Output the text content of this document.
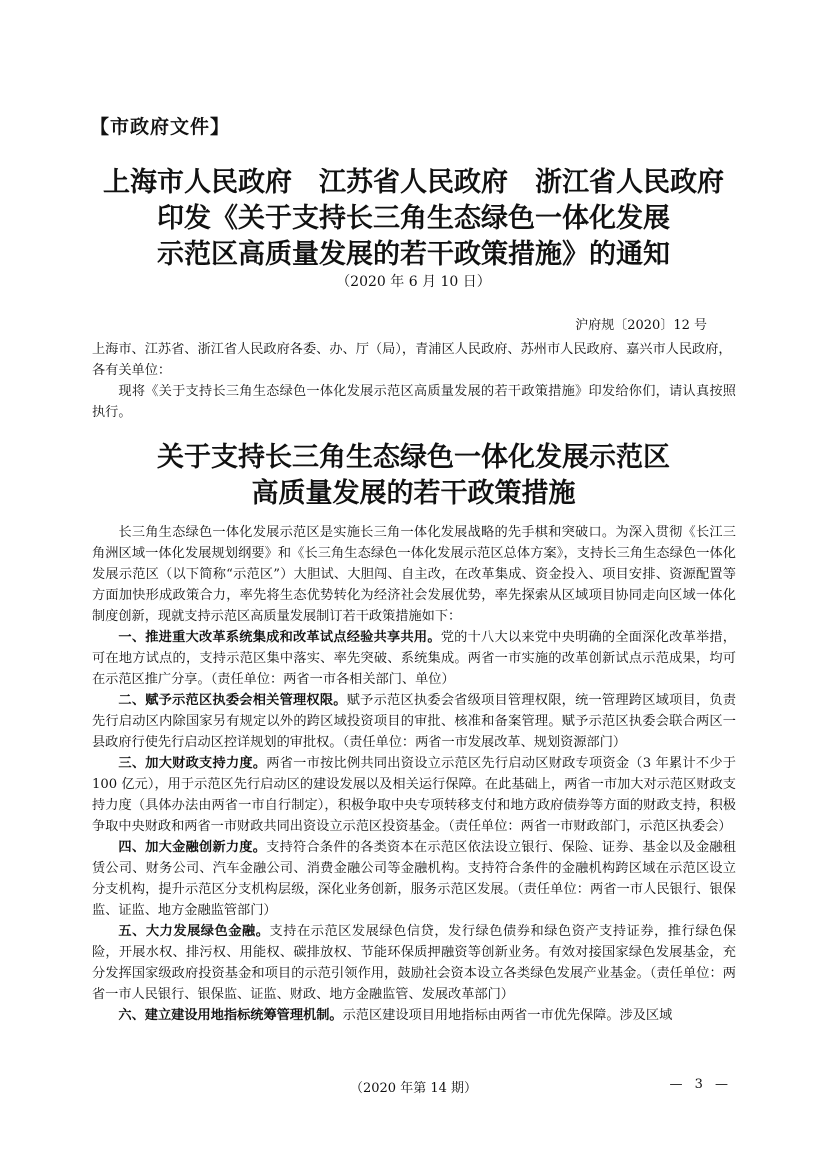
【市政府文件】
上海市人民政府　江苏省人民政府　浙江省人民政府
印发《关于支持长三角生态绿色一体化发展
示范区高质量发展的若干政策措施》的通知
（2020 年 6 月 10 日）
沪府规〔2020〕12 号

上海市、江苏省、浙江省人民政府各委、办、厅（局），青浦区人民政府、苏州市人民政府、嘉兴市人民政府，

各有关单位：

现将《关于支持长三角生态绿色一体化发展示范区高质量发展的若干政策措施》印发给你们，请认真按照执行。

关于支持长三角生态绿色一体化发展示范区
高质量发展的若干政策措施

长三角生态绿色一体化发展示范区是实施长三角一体化发展战略的先手棋和突破口。为深入贯彻《长江三角洲区域一体化发展规划纲要》和《长三角生态绿色一体化发展示范区总体方案》，支持长三角生态绿色一体化发展示范区（以下简称“示范区”）大胆试、大胆闯、自主改，在改革集成、资金投入、项目安排、资源配置等方面加快形成政策合力，率先将生态优势转化为经济社会发展优势，率先探索从区域项目协同走向区域一体化制度创新，现就支持示范区高质量发展制订若干政策措施如下：

一、推进重大改革系统集成和改革试点经验共享共用。党的十八大以来党中央明确的全面深化改革举措，可在地方试点的，支持示范区集中落实、率先突破、系统集成。两省一市实施的改革创新试点示范成果，均可在示范区推广分享。（责任单位：两省一市各相关部门、单位）

二、赋予示范区执委会相关管理权限。赋予示范区执委会省级项目管理权限，统一管理跨区域项目，负责先行启动区内除国家另有规定以外的跨区域投资项目的审批、核准和备案管理。赋予示范区执委会联合两区一县政府行使先行启动区控详规划的审批权。（责任单位：两省一市发展改革、规划资源部门）

三、加大财政支持力度。两省一市按比例共同出资设立示范区先行启动区财政专项资金（3 年累计不少于 100 亿元），用于示范区先行启动区的建设发展以及相关运行保障。在此基础上，两省一市加大对示范区财政支持力度（具体办法由两省一市自行制定），积极争取中央专项转移支付和地方政府债券等方面的财政支持，积极争取中央财政和两省一市财政共同出资设立示范区投资基金。（责任单位：两省一市财政部门，示范区执委会）

四、加大金融创新力度。支持符合条件的各类资本在示范区依法设立银行、保险、证券、基金以及金融租赁公司、财务公司、汽车金融公司、消费金融公司等金融机构。支持符合条件的金融机构跨区域在示范区设立分支机构，提升示范区分支机构层级，深化业务创新，服务示范区发展。（责任单位：两省一市人民银行、银保监、证监、地方金融监管部门）

五、大力发展绿色金融。支持在示范区发展绿色信贷，发行绿色债券和绿色资产支持证券，推行绿色保险，开展水权、排污权、用能权、碳排放权、节能环保质押融资等创新业务。有效对接国家绿色发展基金，充分发挥国家级政府投资基金和项目的示范引领作用，鼓励社会资本设立各类绿色发展产业基金。（责任单位：两省一市人民银行、银保监、证监、财政、地方金融监管、发展改革部门）

六、建立建设用地指标统筹管理机制。示范区建设项目用地指标由两省一市优先保障。涉及区域

（2020 年第 14 期）	— 3 —
